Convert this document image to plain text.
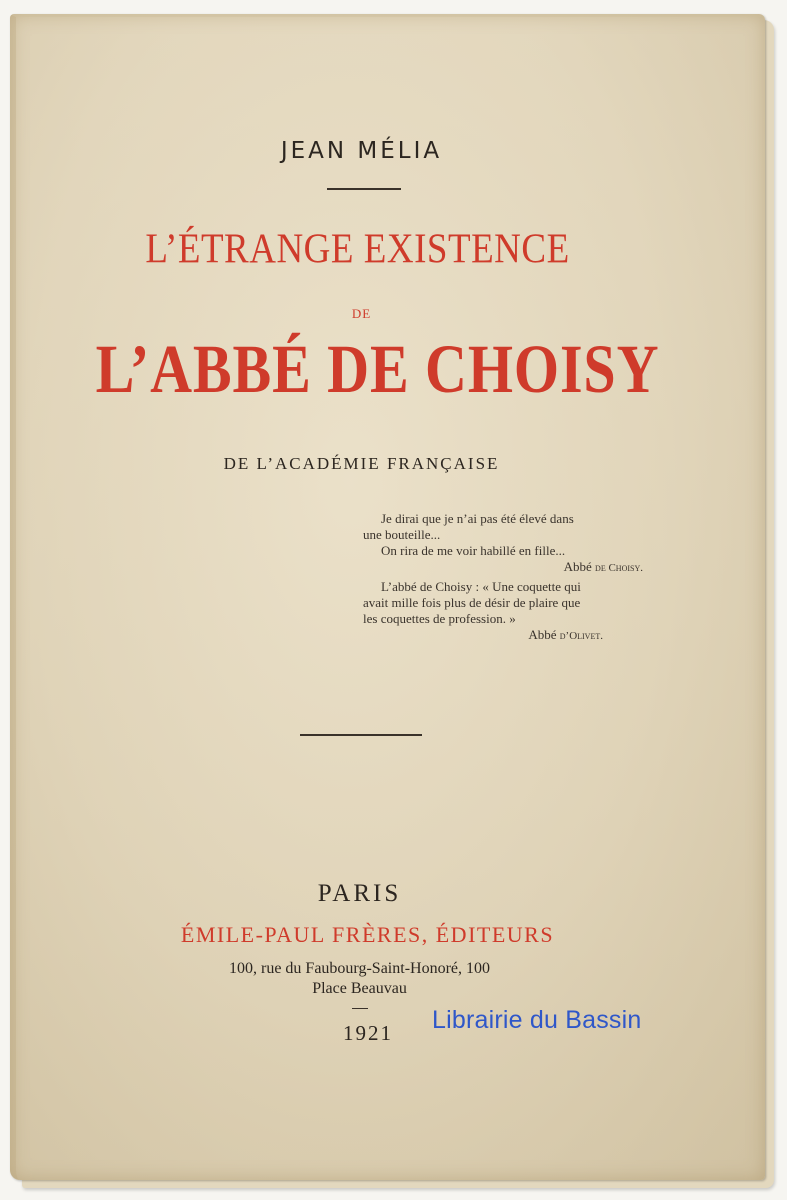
JEAN MÉLIA
L’ÉTRANGE EXISTENCE
DE
L’ABBÉ DE CHOISY
DE L’ACADÉMIE FRANÇAISE
Je dirai que je n’ai pas été élevé dans
une bouteille...
On rira de me voir habillé en fille...
Abbé de Choisy.
L’abbé de Choisy : « Une coquette qui
avait mille fois plus de désir de plaire que
les coquettes de profession. »
Abbé d’Olivet.
PARIS
ÉMILE-PAUL FRÈRES, ÉDITEURS
100, rue du Faubourg-Saint-Honoré, 100
Place Beauvau
1921 Librairie du Bassin
